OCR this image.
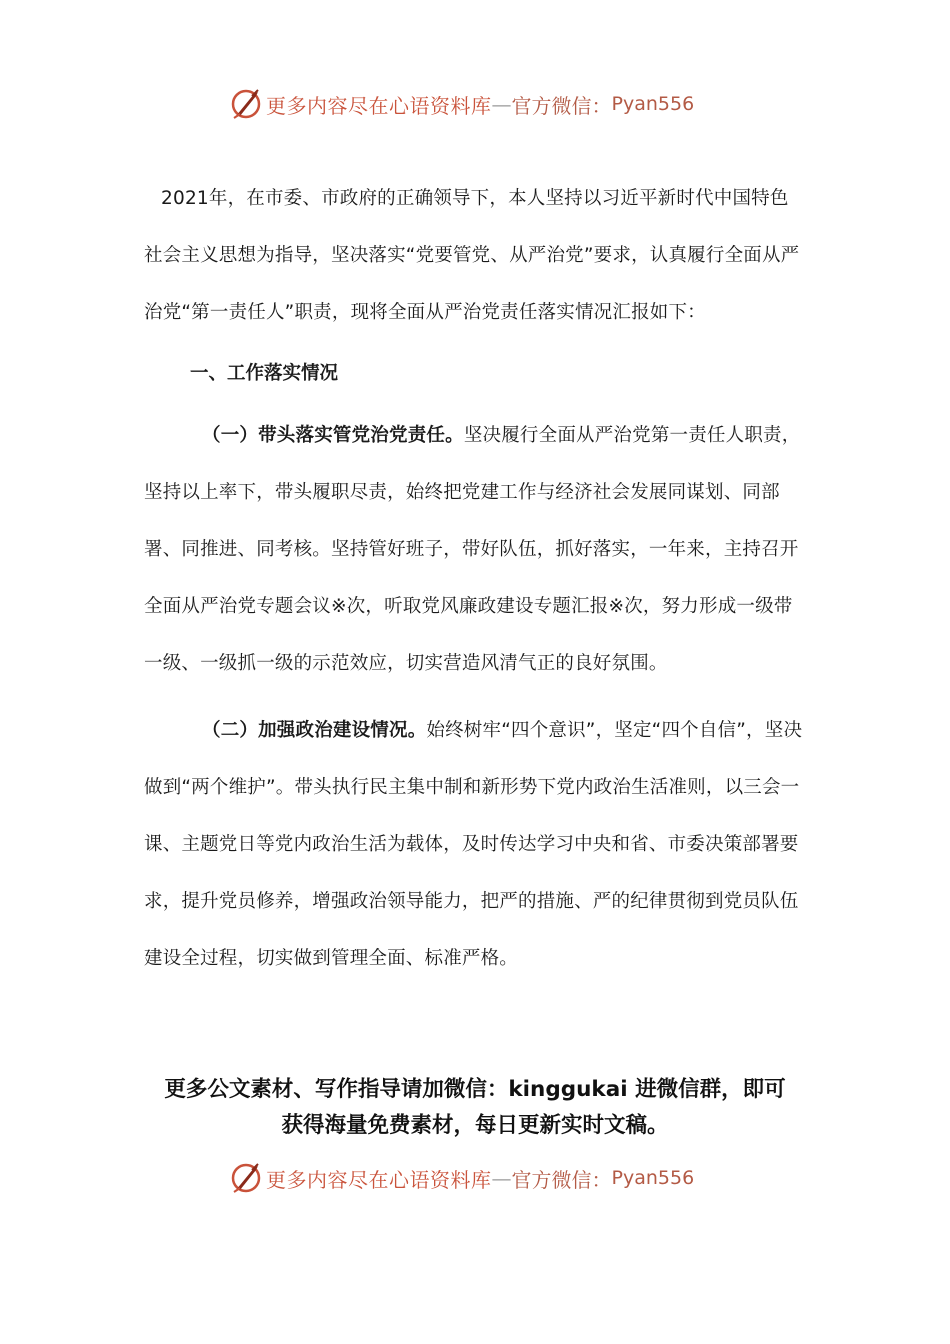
更多内容尽在心语资料库 — 官方微信： Pyan556

2021年，在市委、市政府的正确领导下，本人坚持以习近平新时代中国特色社会主义思想为指导，坚决落实“党要管党、从严治党”要求，认真履行全面从严治党“第一责任人”职责，现将全面从严治党责任落实情况汇报如下：

一、工作落实情况

（一）带头落实管党治党责任。坚决履行全面从严治党第一责任人职责，坚持以上率下，带头履职尽责，始终把党建工作与经济社会发展同谋划、同部署、同推进、同考核。坚持管好班子，带好队伍，抓好落实，一年来，主持召开全面从严治党专题会议※次，听取党风廉政建设专题汇报※次，努力形成一级带一级、一级抓一级的示范效应，切实营造风清气正的良好氛围。

（二）加强政治建设情况。始终树牢“四个意识”，坚定“四个自信”，坚决做到“两个维护”。带头执行民主集中制和新形势下党内政治生活准则，以三会一课、主题党日等党内政治生活为载体，及时传达学习中央和省、市委决策部署要求，提升党员修养，增强政治领导能力，把严的措施、严的纪律贯彻到党员队伍建设全过程，切实做到管理全面、标准严格。

更多公文素材、写作指导请加微信：kinggukai 进微信群，即可
获得海量免费素材，每日更新实时文稿。
更多内容尽在心语资料库 — 官方微信： Pyan556
